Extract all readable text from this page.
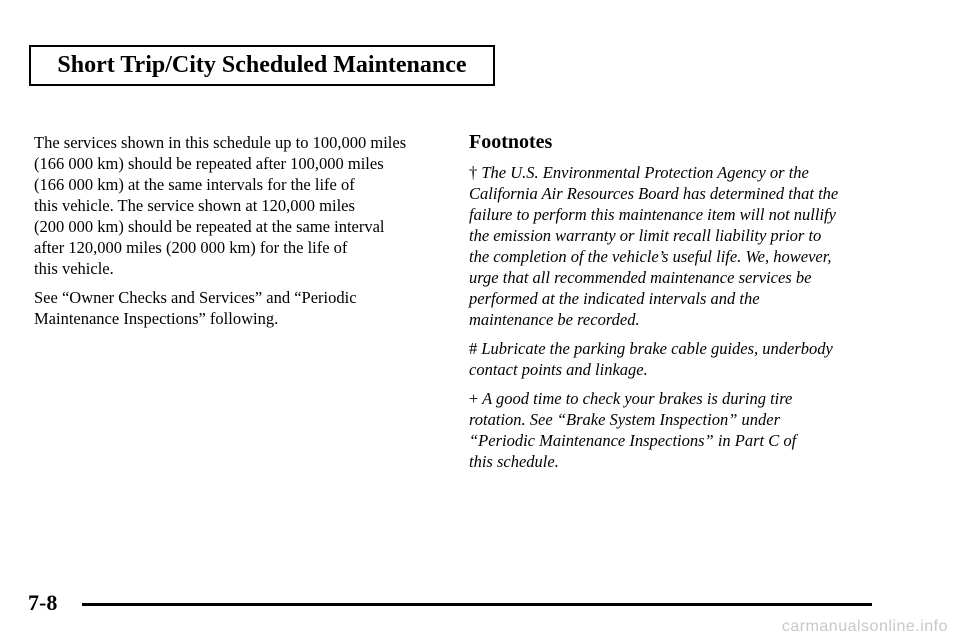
Short Trip/City Scheduled Maintenance

The services shown in this schedule up to 100,000 miles
(166 000 km) should be repeated after 100,000 miles
(166 000 km) at the same intervals for the life of
this vehicle. The service shown at 120,000 miles
(200 000 km) should be repeated at the same interval
after 120,000 miles (200 000 km) for the life of
this vehicle.

See “Owner Checks and Services” and “Periodic
Maintenance Inspections” following.

Footnotes

† The U.S. Environmental Protection Agency or the
California Air Resources Board has determined that the
failure to perform this maintenance item will not nullify
the emission warranty or limit recall liability prior to
the completion of the vehicle’s useful life. We, however,
urge that all recommended maintenance services be
performed at the indicated intervals and the
maintenance be recorded.

# Lubricate the parking brake cable guides, underbody
contact points and linkage.

+ A good time to check your brakes is during tire
rotation. See “Brake System Inspection” under
“Periodic Maintenance Inspections” in Part C of
this schedule.

7-8
carmanualsonline.info
